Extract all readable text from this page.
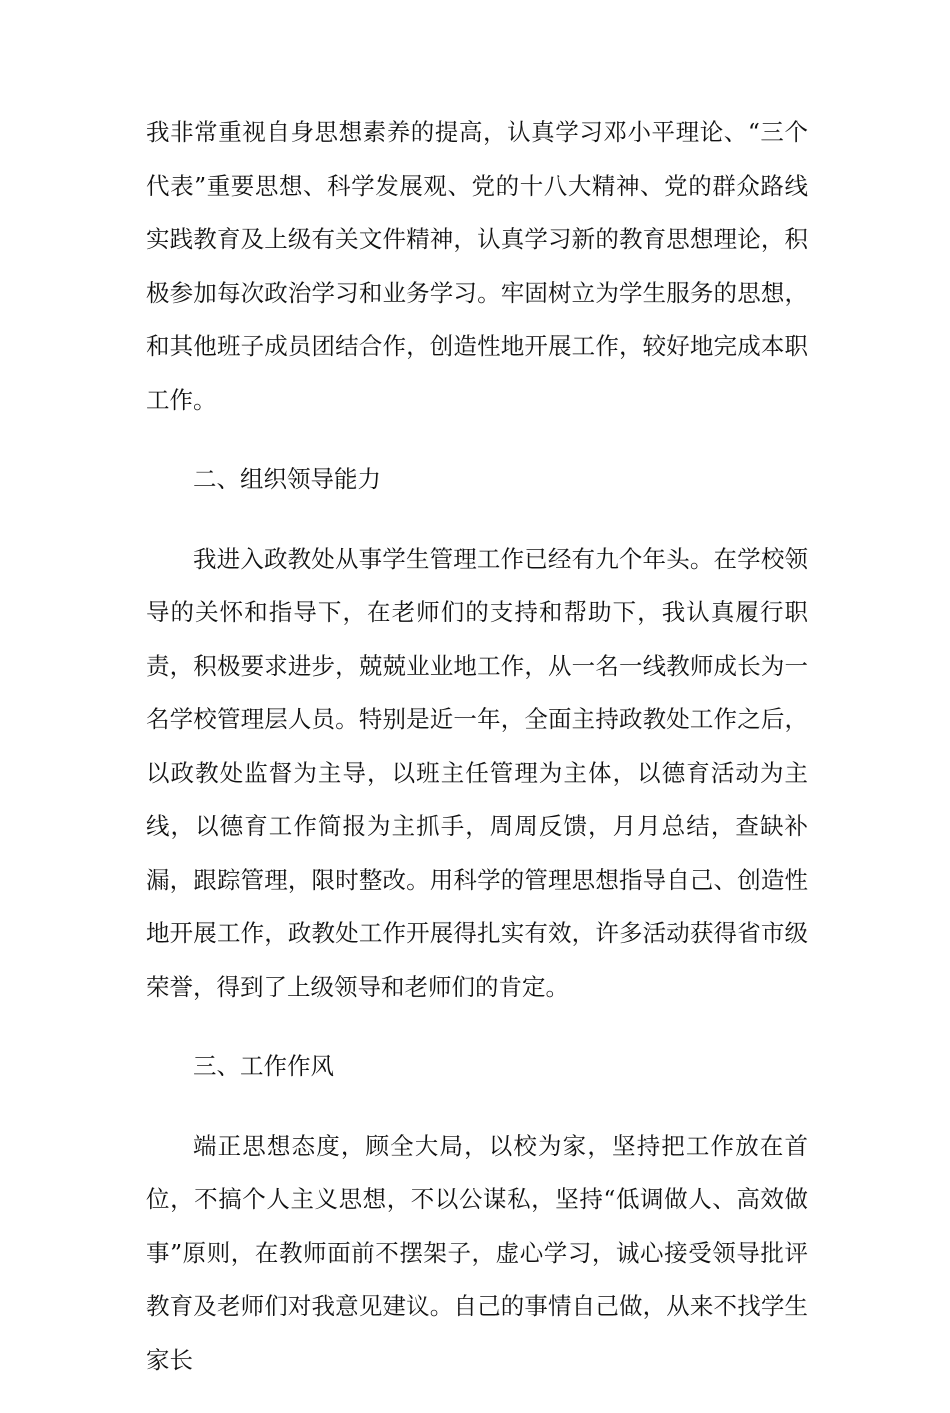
我非常重视自身思想素养的提高，认真学习邓小平理论、“三个代表”重要思想、科学发展观、党的十八大精神、党的群众路线实践教育及上级有关文件精神，认真学习新的教育思想理论，积极参加每次政治学习和业务学习。牢固树立为学生服务的思想，和其他班子成员团结合作，创造性地开展工作，较好地完成本职工作。

二、组织领导能力

我进入政教处从事学生管理工作已经有九个年头。在学校领导的关怀和指导下，在老师们的支持和帮助下，我认真履行职责，积极要求进步，兢兢业业地工作，从一名一线教师成长为一名学校管理层人员。特别是近一年，全面主持政教处工作之后，以政教处监督为主导，以班主任管理为主体，以德育活动为主线，以德育工作简报为主抓手，周周反馈，月月总结，查缺补漏，跟踪管理，限时整改。用科学的管理思想指导自己、创造性地开展工作，政教处工作开展得扎实有效，许多活动获得省市级荣誉，得到了上级领导和老师们的肯定。

三、工作作风

端正思想态度，顾全大局，以校为家，坚持把工作放在首位，不搞个人主义思想，不以公谋私，坚持“低调做人、高效做事”原则，在教师面前不摆架子，虚心学习，诚心接受领导批评教育及老师们对我意见建议。自己的事情自己做，从来不找学生家长
